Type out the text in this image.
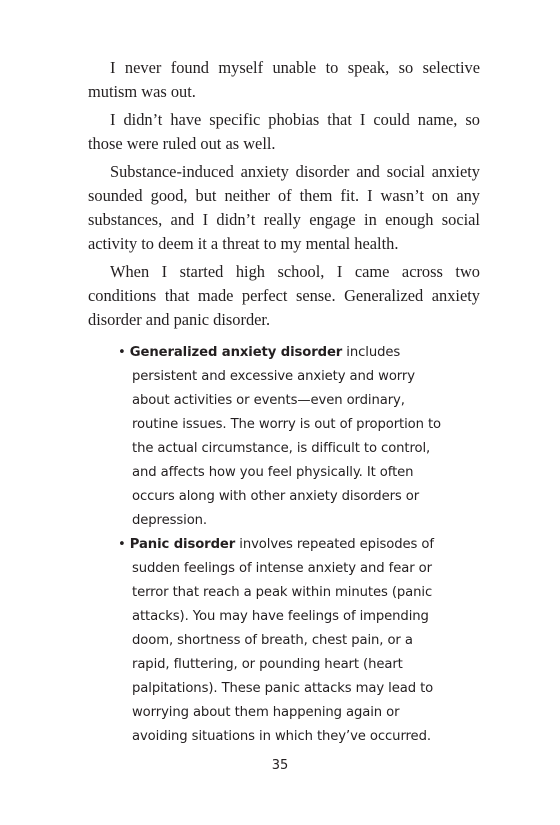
I never found myself unable to speak, so selective mutism was out.

I didn’t have specific phobias that I could name, so those were ruled out as well.

Substance-induced anxiety disorder and social anxiety sounded good, but neither of them fit. I wasn’t on any substances, and I didn’t really engage in enough social activity to deem it a threat to my mental health.

When I started high school, I came across two conditions that made perfect sense. Generalized anxiety disorder and panic disorder.

• Generalized anxiety disorder includes persistent and excessive anxiety and worry about activities or events—even ordinary, routine issues. The worry is out of proportion to the actual circumstance, is difficult to control, and affects how you feel physically. It often occurs along with other anxiety disorders or depression.
• Panic disorder involves repeated episodes of sudden feelings of intense anxiety and fear or terror that reach a peak within minutes (panic attacks). You may have feelings of impending doom, shortness of breath, chest pain, or a rapid, fluttering, or pounding heart (heart palpitations). These panic attacks may lead to worrying about them happening again or avoiding situations in which they’ve occurred.
35
